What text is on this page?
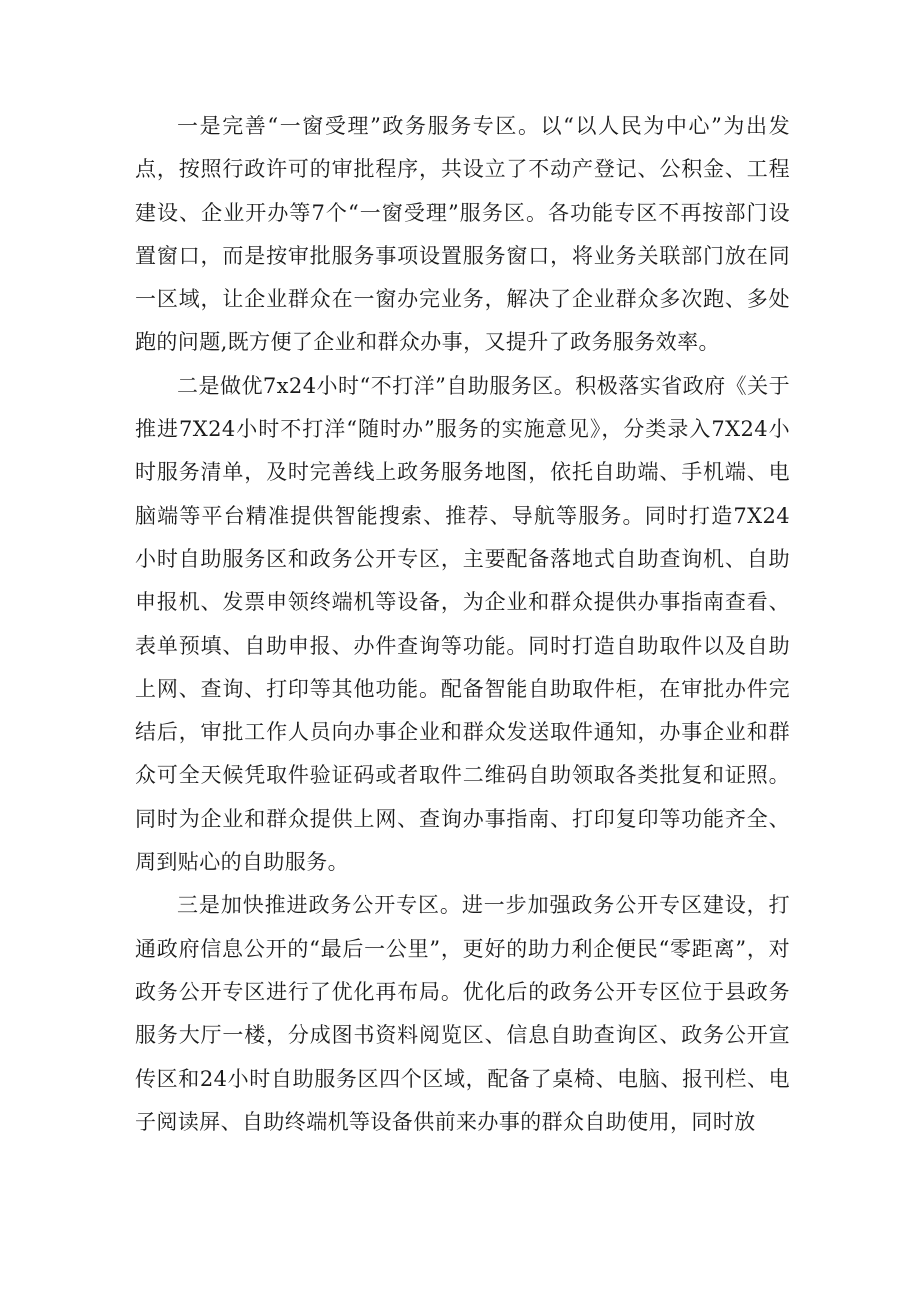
一是完善“一窗受理”政务服务专区。以“以人民为中心”为出发点，按照行政许可的审批程序，共设立了不动产登记、公积金、工程建设、企业开办等7个“一窗受理”服务区。各功能专区不再按部门设置窗口，而是按审批服务事项设置服务窗口，将业务关联部门放在同一区域，让企业群众在一窗办完业务，解决了企业群众多次跑、多处跑的问题,既方便了企业和群众办事，又提升了政务服务效率。

二是做优7x24小时“不打洋”自助服务区。积极落实省政府《关于推进7X24小时不打洋“随时办”服务的实施意见》，分类录入7X24小时服务清单，及时完善线上政务服务地图，依托自助端、手机端、电脑端等平台精准提供智能搜索、推荐、导航等服务。同时打造7X24小时自助服务区和政务公开专区，主要配备落地式自助查询机、自助申报机、发票申领终端机等设备，为企业和群众提供办事指南查看、表单预填、自助申报、办件查询等功能。同时打造自助取件以及自助上网、查询、打印等其他功能。配备智能自助取件柜，在审批办件完结后，审批工作人员向办事企业和群众发送取件通知，办事企业和群众可全天候凭取件验证码或者取件二维码自助领取各类批复和证照。同时为企业和群众提供上网、查询办事指南、打印复印等功能齐全、周到贴心的自助服务。

三是加快推进政务公开专区。进一步加强政务公开专区建设，打通政府信息公开的“最后一公里”，更好的助力利企便民“零距离”，对政务公开专区进行了优化再布局。优化后的政务公开专区位于县政务服务大厅一楼，分成图书资料阅览区、信息自助查询区、政务公开宣传区和24小时自助服务区四个区域，配备了桌椅、电脑、报刊栏、电子阅读屏、自助终端机等设备供前来办事的群众自助使用，同时放
